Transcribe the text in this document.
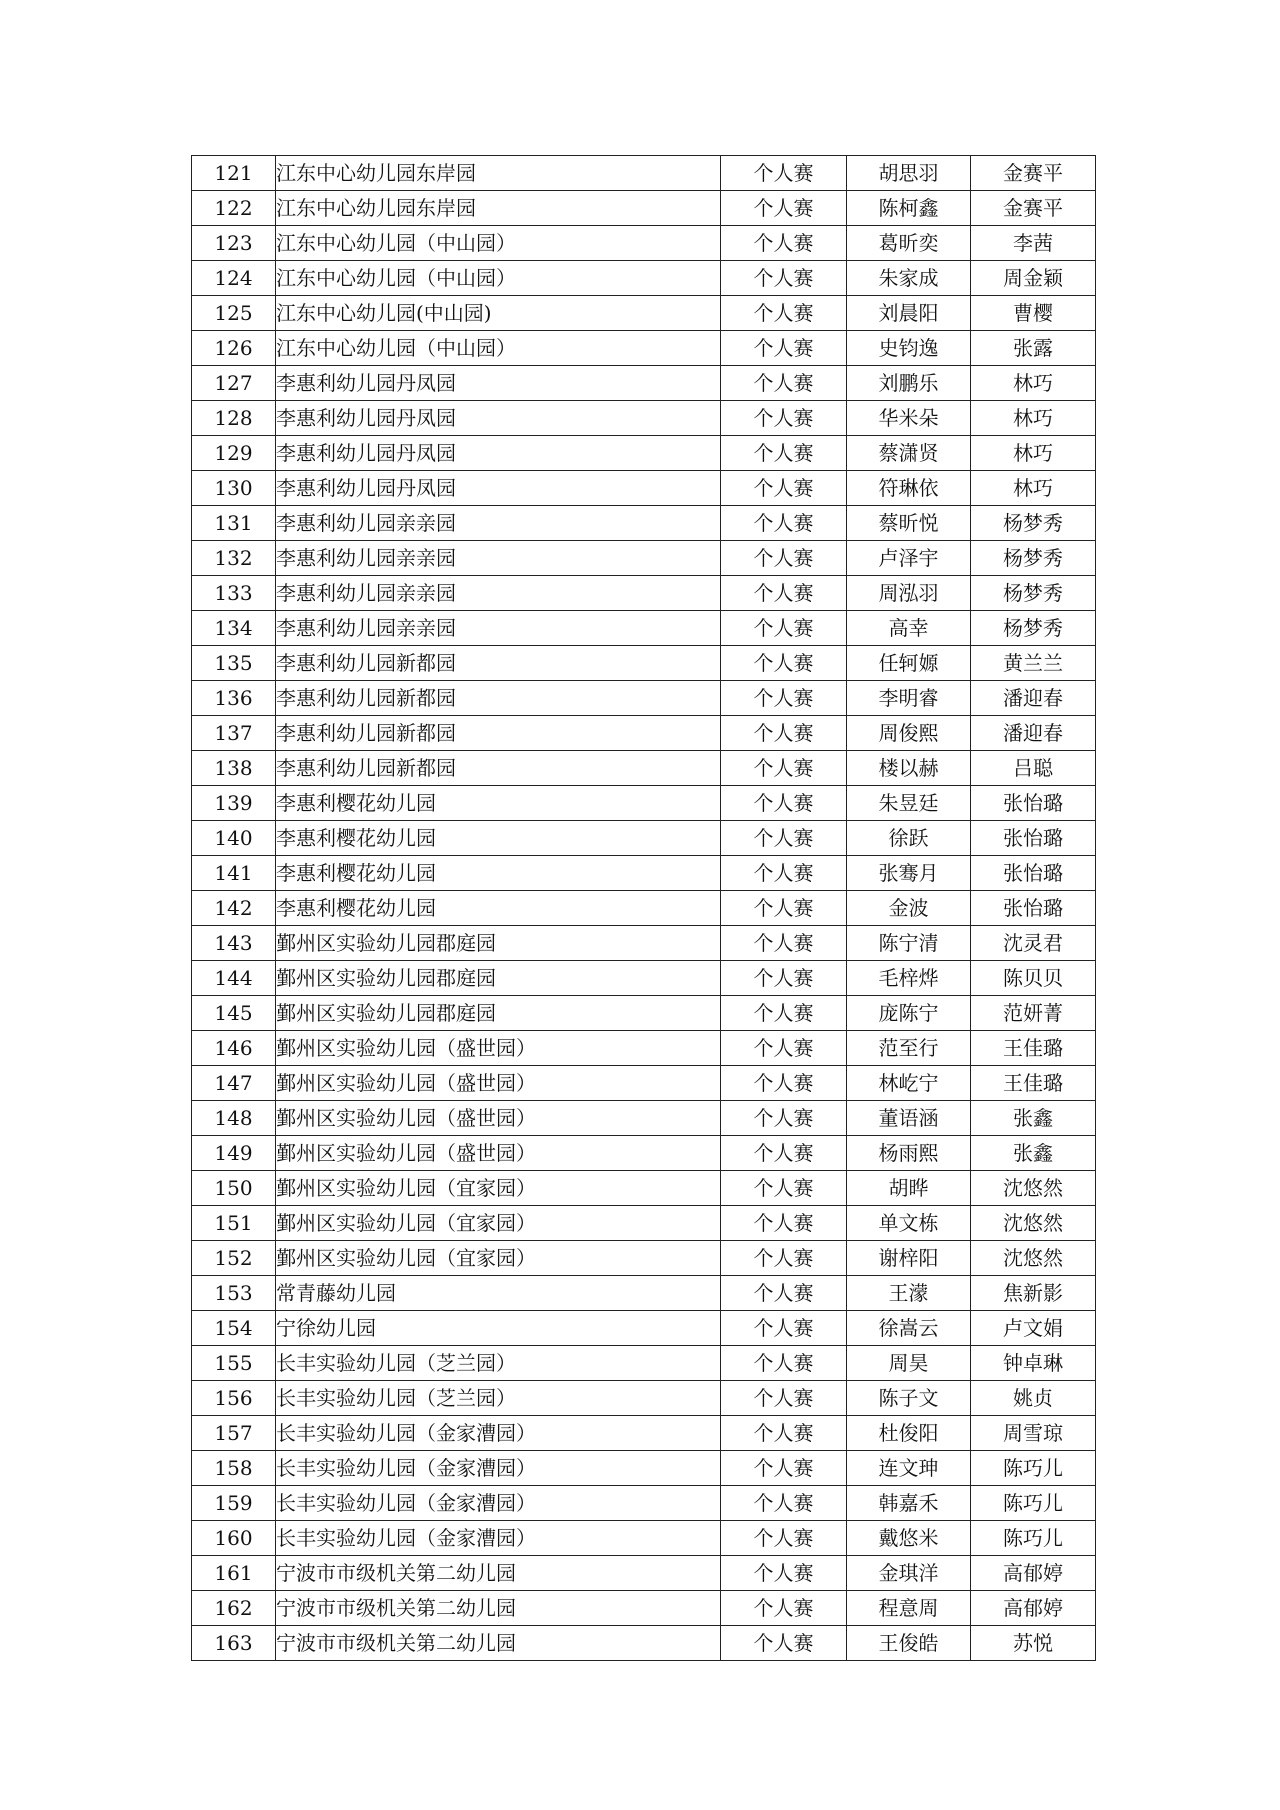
121	江东中心幼儿园东岸园	个人赛	胡思羽	金赛平
122	江东中心幼儿园东岸园	个人赛	陈柯鑫	金赛平
123	江东中心幼儿园（中山园）	个人赛	葛昕奕	李茜
124	江东中心幼儿园（中山园）	个人赛	朱家成	周金颖
125	江东中心幼儿园(中山园)	个人赛	刘晨阳	曹樱
126	江东中心幼儿园（中山园）	个人赛	史钧逸	张露
127	李惠利幼儿园丹凤园	个人赛	刘鹏乐	林巧
128	李惠利幼儿园丹凤园	个人赛	华米朵	林巧
129	李惠利幼儿园丹凤园	个人赛	蔡潇贤	林巧
130	李惠利幼儿园丹凤园	个人赛	符琳依	林巧
131	李惠利幼儿园亲亲园	个人赛	蔡昕悦	杨梦秀
132	李惠利幼儿园亲亲园	个人赛	卢泽宇	杨梦秀
133	李惠利幼儿园亲亲园	个人赛	周泓羽	杨梦秀
134	李惠利幼儿园亲亲园	个人赛	高幸	杨梦秀
135	李惠利幼儿园新都园	个人赛	任轲嫄	黄兰兰
136	李惠利幼儿园新都园	个人赛	李明睿	潘迎春
137	李惠利幼儿园新都园	个人赛	周俊熙	潘迎春
138	李惠利幼儿园新都园	个人赛	楼以赫	吕聪
139	李惠利樱花幼儿园	个人赛	朱昱廷	张怡璐
140	李惠利樱花幼儿园	个人赛	徐跃	张怡璐
141	李惠利樱花幼儿园	个人赛	张骞月	张怡璐
142	李惠利樱花幼儿园	个人赛	金波	张怡璐
143	鄞州区实验幼儿园郡庭园	个人赛	陈宁清	沈灵君
144	鄞州区实验幼儿园郡庭园	个人赛	毛梓烨	陈贝贝
145	鄞州区实验幼儿园郡庭园	个人赛	庞陈宁	范妍菁
146	鄞州区实验幼儿园（盛世园）	个人赛	范至行	王佳璐
147	鄞州区实验幼儿园（盛世园）	个人赛	林屹宁	王佳璐
148	鄞州区实验幼儿园（盛世园）	个人赛	董语涵	张鑫
149	鄞州区实验幼儿园（盛世园）	个人赛	杨雨熙	张鑫
150	鄞州区实验幼儿园（宜家园）	个人赛	胡晔	沈悠然
151	鄞州区实验幼儿园（宜家园）	个人赛	单文栋	沈悠然
152	鄞州区实验幼儿园（宜家园）	个人赛	谢梓阳	沈悠然
153	常青藤幼儿园	个人赛	王濛	焦新影
154	宁徐幼儿园	个人赛	徐嵩云	卢文娟
155	长丰实验幼儿园（芝兰园）	个人赛	周昊	钟卓琳
156	长丰实验幼儿园（芝兰园）	个人赛	陈子文	姚贞
157	长丰实验幼儿园（金家漕园）	个人赛	杜俊阳	周雪琼
158	长丰实验幼儿园（金家漕园）	个人赛	连文珅	陈巧儿
159	长丰实验幼儿园（金家漕园）	个人赛	韩嘉禾	陈巧儿
160	长丰实验幼儿园（金家漕园）	个人赛	戴悠米	陈巧儿
161	宁波市市级机关第二幼儿园	个人赛	金琪洋	高郁婷
162	宁波市市级机关第二幼儿园	个人赛	程意周	高郁婷
163	宁波市市级机关第二幼儿园	个人赛	王俊皓	苏悦
